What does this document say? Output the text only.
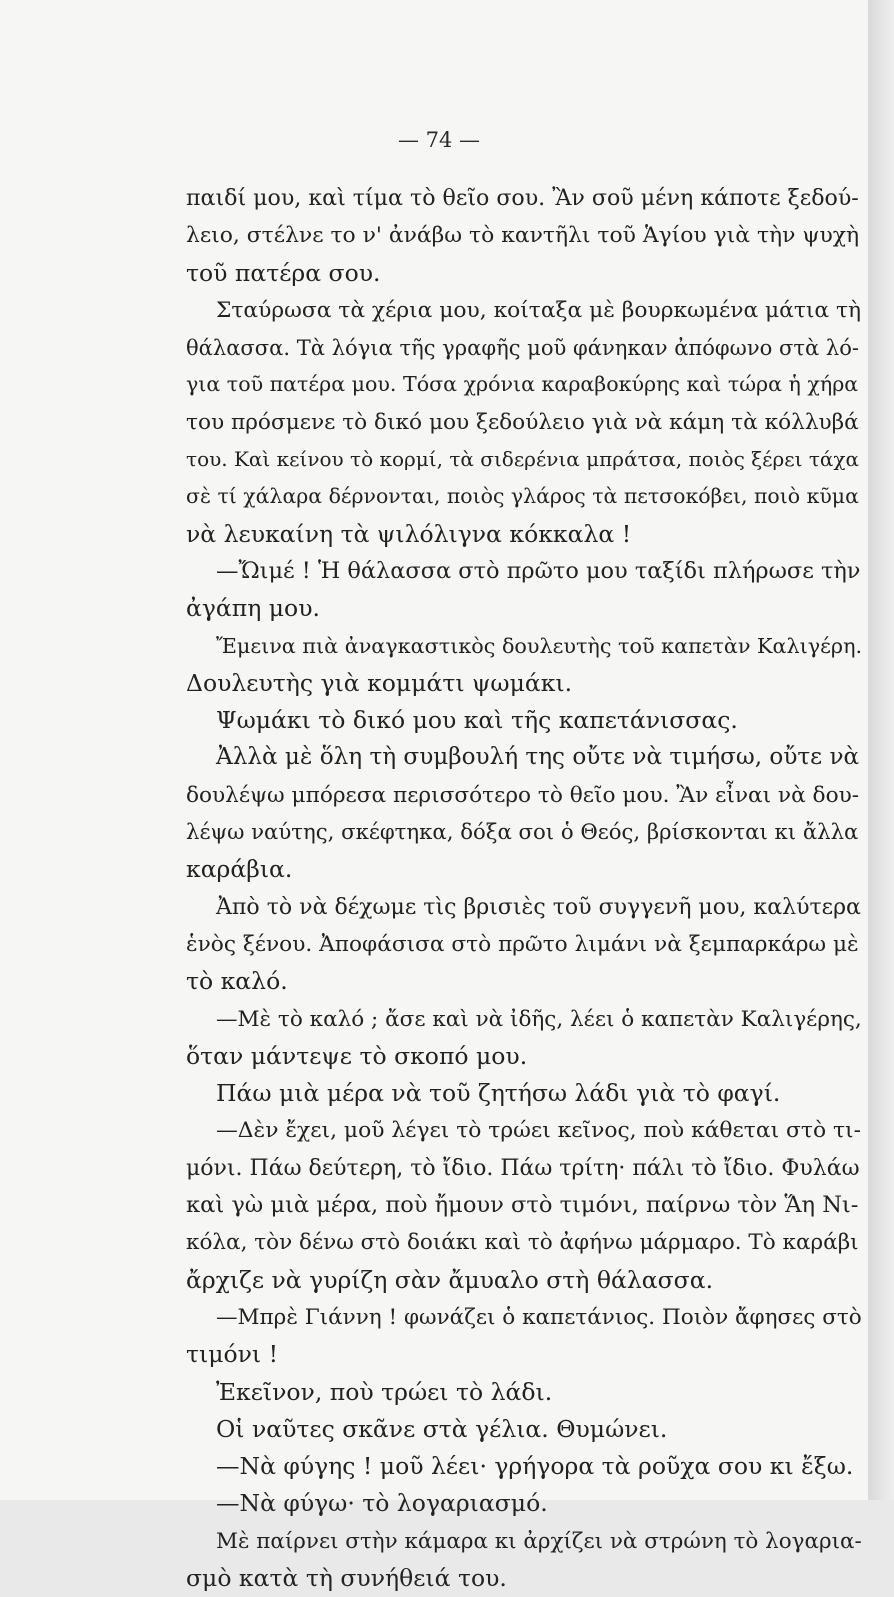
— 74 —
παιδί μου, καὶ τίμα τὸ θεῖο σου. Ἂν σοῦ μένη κάποτε ξεδού-
λειο, στέλνε το ν' ἀνάβω τὸ καντῆλι τοῦ Ἁγίου γιὰ τὴν ψυχὴ
τοῦ πατέρα σου.
Σταύρωσα τὰ χέρια μου, κοίταξα μὲ βουρκωμένα μάτια τὴ
θάλασσα. Τὰ λόγια τῆς γραφῆς μοῦ φάνηκαν ἀπόφωνο στὰ λό-
για τοῦ πατέρα μου. Τόσα χρόνια καραβοκύρης καὶ τώρα ἡ χήρα
του πρόσμενε τὸ δικό μου ξεδούλειο γιὰ νὰ κάμη τὰ κόλλυβά
του. Καὶ κείνου τὸ κορμί, τὰ σιδερένια μπράτσα, ποιὸς ξέρει τάχα
σὲ τί χάλαρα δέρνονται, ποιὸς γλάρος τὰ πετσοκόβει, ποιὸ κῦμα
νὰ λευκαίνη τὰ ψιλόλιγνα κόκκαλα !
—Ὤιμέ ! Ἡ θάλασσα στὸ πρῶτο μου ταξίδι πλήρωσε τὴν
ἀγάπη μου.
Ἔμεινα πιὰ ἀναγκαστικὸς δουλευτὴς τοῦ καπετὰν Καλιγέρη.
Δουλευτὴς γιὰ κομμάτι ψωμάκι.
Ψωμάκι τὸ δικό μου καὶ τῆς καπετάνισσας.
Ἀλλὰ μὲ ὅλη τὴ συμβουλή της οὔτε νὰ τιμήσω, οὔτε νὰ
δουλέψω μπόρεσα περισσότερο τὸ θεῖο μου. Ἂν εἶναι νὰ δου-
λέψω ναύτης, σκέφτηκα, δόξα σοι ὁ Θεός, βρίσκονται κι ἄλλα
καράβια.
Ἀπὸ τὸ νὰ δέχωμε τὶς βρισιὲς τοῦ συγγενῆ μου, καλύτερα
ἑνὸς ξένου. Ἀποφάσισα στὸ πρῶτο λιμάνι νὰ ξεμπαρκάρω μὲ
τὸ καλό.
—Μὲ τὸ καλό ; ἄσε καὶ νὰ ἰδῆς, λέει ὁ καπετὰν Καλιγέρης,
ὅταν μάντεψε τὸ σκοπό μου.
Πάω μιὰ μέρα νὰ τοῦ ζητήσω λάδι γιὰ τὸ φαγί.
—Δὲν ἔχει, μοῦ λέγει τὸ τρώει κεῖνος, ποὺ κάθεται στὸ τι-
μόνι. Πάω δεύτερη, τὸ ἴδιο. Πάω τρίτη· πάλι τὸ ἴδιο. Φυλάω
καὶ γὼ μιὰ μέρα, ποὺ ἤμουν στὸ τιμόνι, παίρνω τὸν Ἅη Νι-
κόλα, τὸν δένω στὸ δοιάκι καὶ τὸ ἀφήνω μάρμαρο. Τὸ καράβι
ἄρχιζε νὰ γυρίζη σὰν ἄμυαλο στὴ θάλασσα.
—Μπρὲ Γιάννη ! φωνάζει ὁ καπετάνιος. Ποιὸν ἄφησες στὸ
τιμόνι !
Ἐκεῖνον, ποὺ τρώει τὸ λάδι.
Οἱ ναῦτες σκᾶνε στὰ γέλια. Θυμώνει.
—Νὰ φύγης ! μοῦ λέει· γρήγορα τὰ ροῦχα σου κι ἔξω.
—Νὰ φύγω· τὸ λογαριασμό.
Μὲ παίρνει στὴν κάμαρα κι ἀρχίζει νὰ στρώνη τὸ λογαρια-
σμὸ κατὰ τὴ συνήθειά του.
